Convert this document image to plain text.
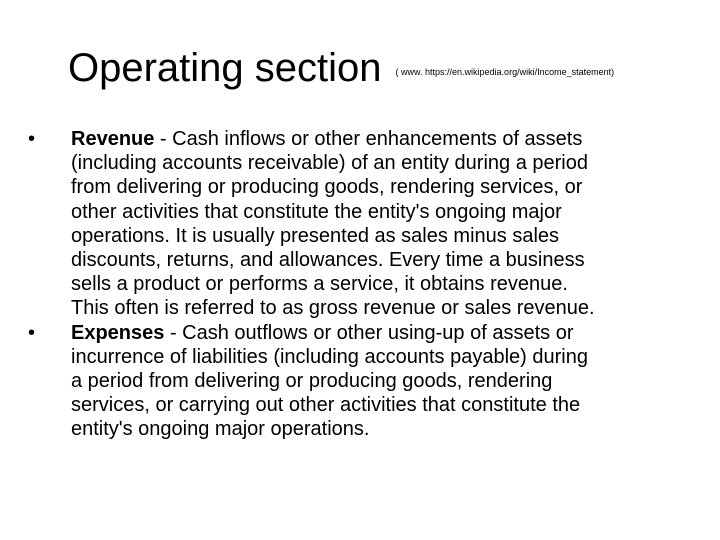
Operating section ( www. https://en.wikipedia.org/wiki/Income_statement)
•	Revenue - Cash inflows or other enhancements of assets
(including accounts receivable) of an entity during a period
from delivering or producing goods, rendering services, or
other activities that constitute the entity's ongoing major
operations. It is usually presented as sales minus sales
discounts, returns, and allowances. Every time a business
sells a product or performs a service, it obtains revenue.
This often is referred to as gross revenue or sales revenue.
•	Expenses - Cash outflows or other using-up of assets or
incurrence of liabilities (including accounts payable) during
a period from delivering or producing goods, rendering
services, or carrying out other activities that constitute the
entity's ongoing major operations.
